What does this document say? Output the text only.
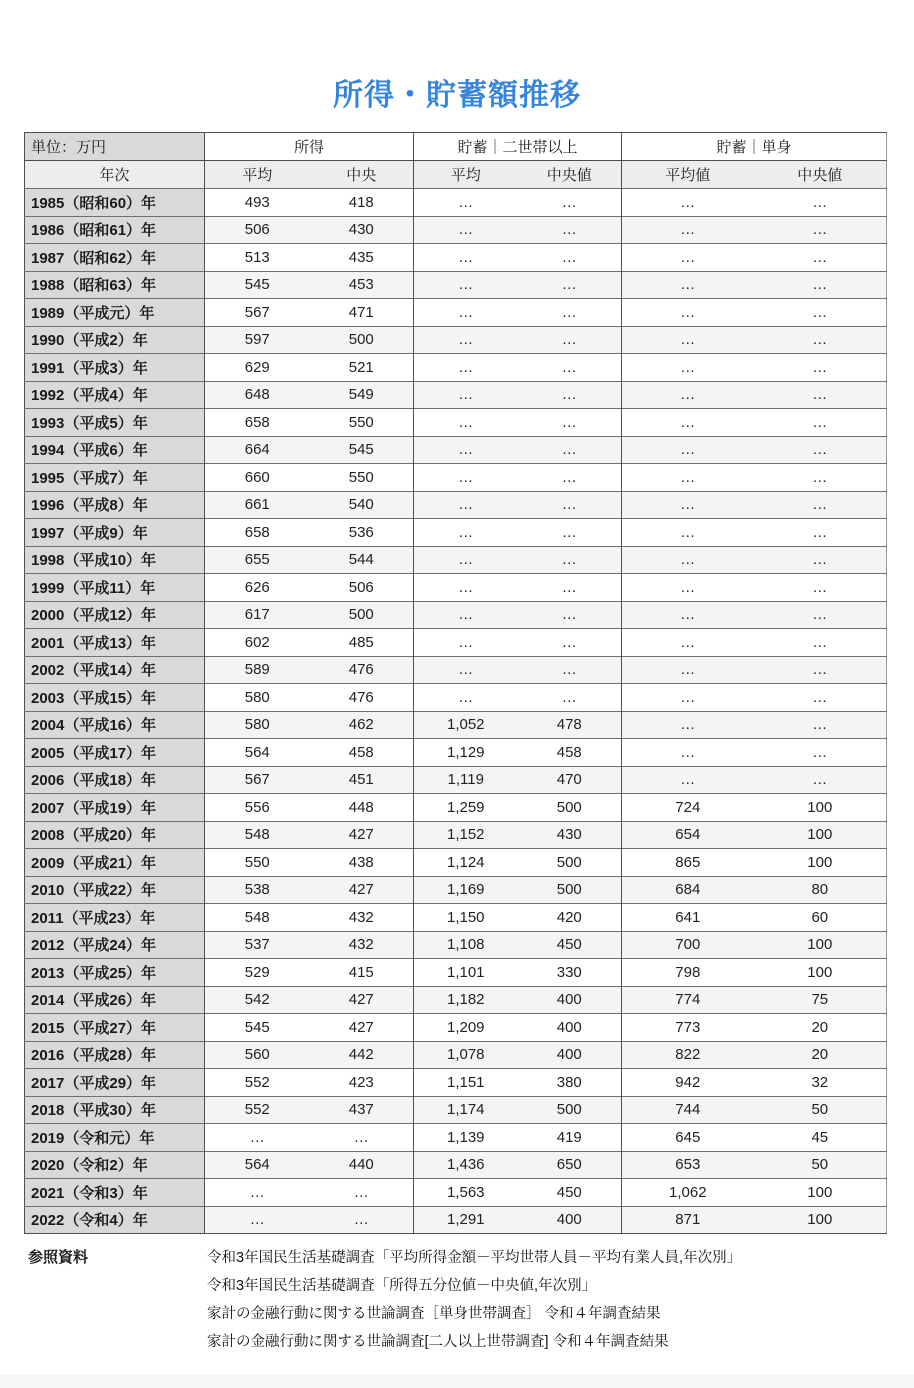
所得・貯蓄額推移
単位：万円	所得		貯蓄｜二世帯以上		貯蓄｜単身	
年次	平均	中央	平均	中央値	平均値	中央値
1985（昭和60）年	493	418	…	…	…	…
1986（昭和61）年	506	430	…	…	…	…
1987（昭和62）年	513	435	…	…	…	…
1988（昭和63）年	545	453	…	…	…	…
1989（平成元）年	567	471	…	…	…	…
1990（平成2）年	597	500	…	…	…	…
1991（平成3）年	629	521	…	…	…	…
1992（平成4）年	648	549	…	…	…	…
1993（平成5）年	658	550	…	…	…	…
1994（平成6）年	664	545	…	…	…	…
1995（平成7）年	660	550	…	…	…	…
1996（平成8）年	661	540	…	…	…	…
1997（平成9）年	658	536	…	…	…	…
1998（平成10）年	655	544	…	…	…	…
1999（平成11）年	626	506	…	…	…	…
2000（平成12）年	617	500	…	…	…	…
2001（平成13）年	602	485	…	…	…	…
2002（平成14）年	589	476	…	…	…	…
2003（平成15）年	580	476	…	…	…	…
2004（平成16）年	580	462	1,052	478	…	…
2005（平成17）年	564	458	1,129	458	…	…
2006（平成18）年	567	451	1,119	470	…	…
2007（平成19）年	556	448	1,259	500	724	100
2008（平成20）年	548	427	1,152	430	654	100
2009（平成21）年	550	438	1,124	500	865	100
2010（平成22）年	538	427	1,169	500	684	80
2011（平成23）年	548	432	1,150	420	641	60
2012（平成24）年	537	432	1,108	450	700	100
2013（平成25）年	529	415	1,101	330	798	100
2014（平成26）年	542	427	1,182	400	774	75
2015（平成27）年	545	427	1,209	400	773	20
2016（平成28）年	560	442	1,078	400	822	20
2017（平成29）年	552	423	1,151	380	942	32
2018（平成30）年	552	437	1,174	500	744	50
2019（令和元）年	…	…	1,139	419	645	45
2020（令和2）年	564	440	1,436	650	653	50
2021（令和3）年	…	…	1,563	450	1,062	100
2022（令和4）年	…	…	1,291	400	871	100
参照資料	令和3年国民生活基礎調査「平均所得金額－平均世帯人員－平均有業人員,年次別」
令和3年国民生活基礎調査「所得五分位値－中央値,年次別」
家計の金融行動に関する世論調査［単身世帯調査］ 令和４年調査結果
家計の金融行動に関する世論調査[二人以上世帯調査] 令和４年調査結果
